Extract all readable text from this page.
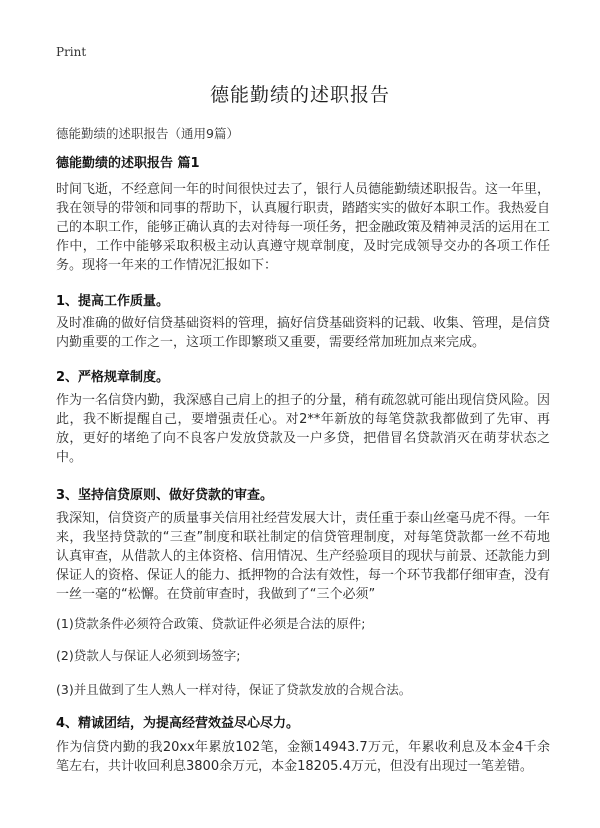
Print
德能勤绩的述职报告
德能勤绩的述职报告（通用9篇）
德能勤绩的述职报告 篇1
时间飞逝，不经意间一年的时间很快过去了，银行人员德能勤绩述职报告。这一年里，我在领导的带领和同事的帮助下，认真履行职责，踏踏实实的做好本职工作。我热爱自己的本职工作，能够正确认真的去对待每一项任务，把金融政策及精神灵活的运用在工作中，工作中能够采取积极主动认真遵守规章制度，及时完成领导交办的各项工作任务。现将一年来的工作情况汇报如下：
1、提高工作质量。
及时准确的做好信贷基础资料的管理，搞好信贷基础资料的记载、收集、管理，是信贷内勤重要的工作之一，这项工作即繁琐又重要，需要经常加班加点来完成。
2、严格规章制度。
作为一名信贷内勤，我深感自己肩上的担子的分量，稍有疏忽就可能出现信贷风险。因此，我不断提醒自己，要增强责任心。对2**年新放的每笔贷款我都做到了先审、再放，更好的堵绝了向不良客户发放贷款及一户多贷，把借冒名贷款消灭在萌芽状态之中。
3、坚持信贷原则、做好贷款的审查。
我深知，信贷资产的质量事关信用社经营发展大计，责任重于泰山丝毫马虎不得。一年来，我坚持贷款的“三查”制度和联社制定的信贷管理制度，对每笔贷款都一丝不苟地认真审查，从借款人的主体资格、信用情况、生产经验项目的现状与前景、还款能力到保证人的资格、保证人的能力、抵押物的合法有效性，每一个环节我都仔细审查，没有一丝一毫的“松懈。在贷前审查时，我做到了“三个必须”
(1)贷款条件必须符合政策、贷款证件必须是合法的原件;
(2)贷款人与保证人必须到场签字;
(3)并且做到了生人熟人一样对待，保证了贷款发放的合规合法。
4、精诚团结，为提高经营效益尽心尽力。
作为信贷内勤的我20xx年累放102笔，金额14943.7万元，年累收利息及本金4千余笔左右，共计收回利息3800余万元，本金18205.4万元，但没有出现过一笔差错。
